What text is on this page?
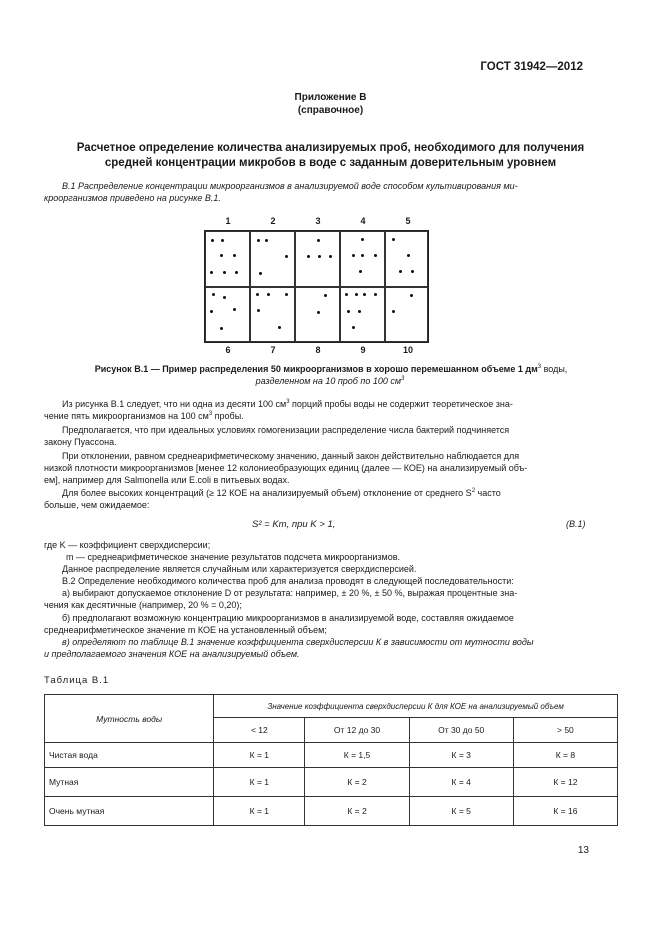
ГОСТ 31942—2012
Приложение В
(справочное)
Расчетное определение количества анализируемых проб, необходимого для получения
средней концентрации микробов в воде с заданным доверительным уровнем
В.1 Распределение концентрации микроорганизмов в анализируемой воде способом культивирования ми-
кроорганизмов приведено на рисунке В.1.
1	2	3	4	5
6	7	8	9	10
Рисунок В.1 — Пример распределения 50 микроорганизмов в хорошо перемешанном объеме 1 $дм^3$ воды,
разделенном на 10 проб по 100 $см^3$
Из рисунка В.1 следует, что ни одна из десяти 100 $см^3$ порций пробы воды не содержит теоретическое зна-
чение пять микроорганизмов на 100 $см^3$ пробы.
Предполагается, что при идеальных условиях гомогенизации распределение числа бактерий подчиняется
закону Пуассона.
При отклонении, равном среднеарифметическому значению, данный закон действительно наблюдается для
низкой плотности микроорганизмов [менее 12 колониеобразующих единиц (далее — КОЕ) на анализируемый объ-
ем], например для Salmonella или E.coli в питьевых водах.
Для более высоких концентраций (≥ 12 КОЕ на анализируемый объем) отклонение от среднего $S^2$ часто
больше, чем ожидаемое:
S² = Km, при K > 1,	(В.1)
где K — коэффициент сверхдисперсии;
m — среднеарифметическое значение результатов подсчета микроорганизмов.
Данное распределение является случайным или характеризуется сверхдисперсией.
В.2 Определение необходимого количества проб для анализа проводят в следующей последовательности:
а) выбирают допускаемое отклонение D от результата: например, ± 20 %, ± 50 %, выражая процентные зна-
чения как десятичные (например, 20 % = 0,20);
б) предполагают возможную концентрацию микроорганизмов в анализируемой воде, составляя ожидаемое
среднеарифметическое значение m КОЕ на установленный объем;
в) определяют по таблице В.1 значение коэффициента сверхдисперсии К в зависимости от мутности воды
и предполагаемого значения КОЕ на анализируемый объем.
Таблица В.1
Мутность воды	Значение коэффициента сверхдисперсии К для КОЕ на анализируемый объем			
	< 12	От 12 до 30	От 30 до 50	> 50
Чистая вода	К = 1	К = 1,5	К = 3	К = 8
Мутная	К = 1	К = 2	К = 4	К = 12
Очень мутная	К = 1	К = 2	К = 5	К = 16
13
